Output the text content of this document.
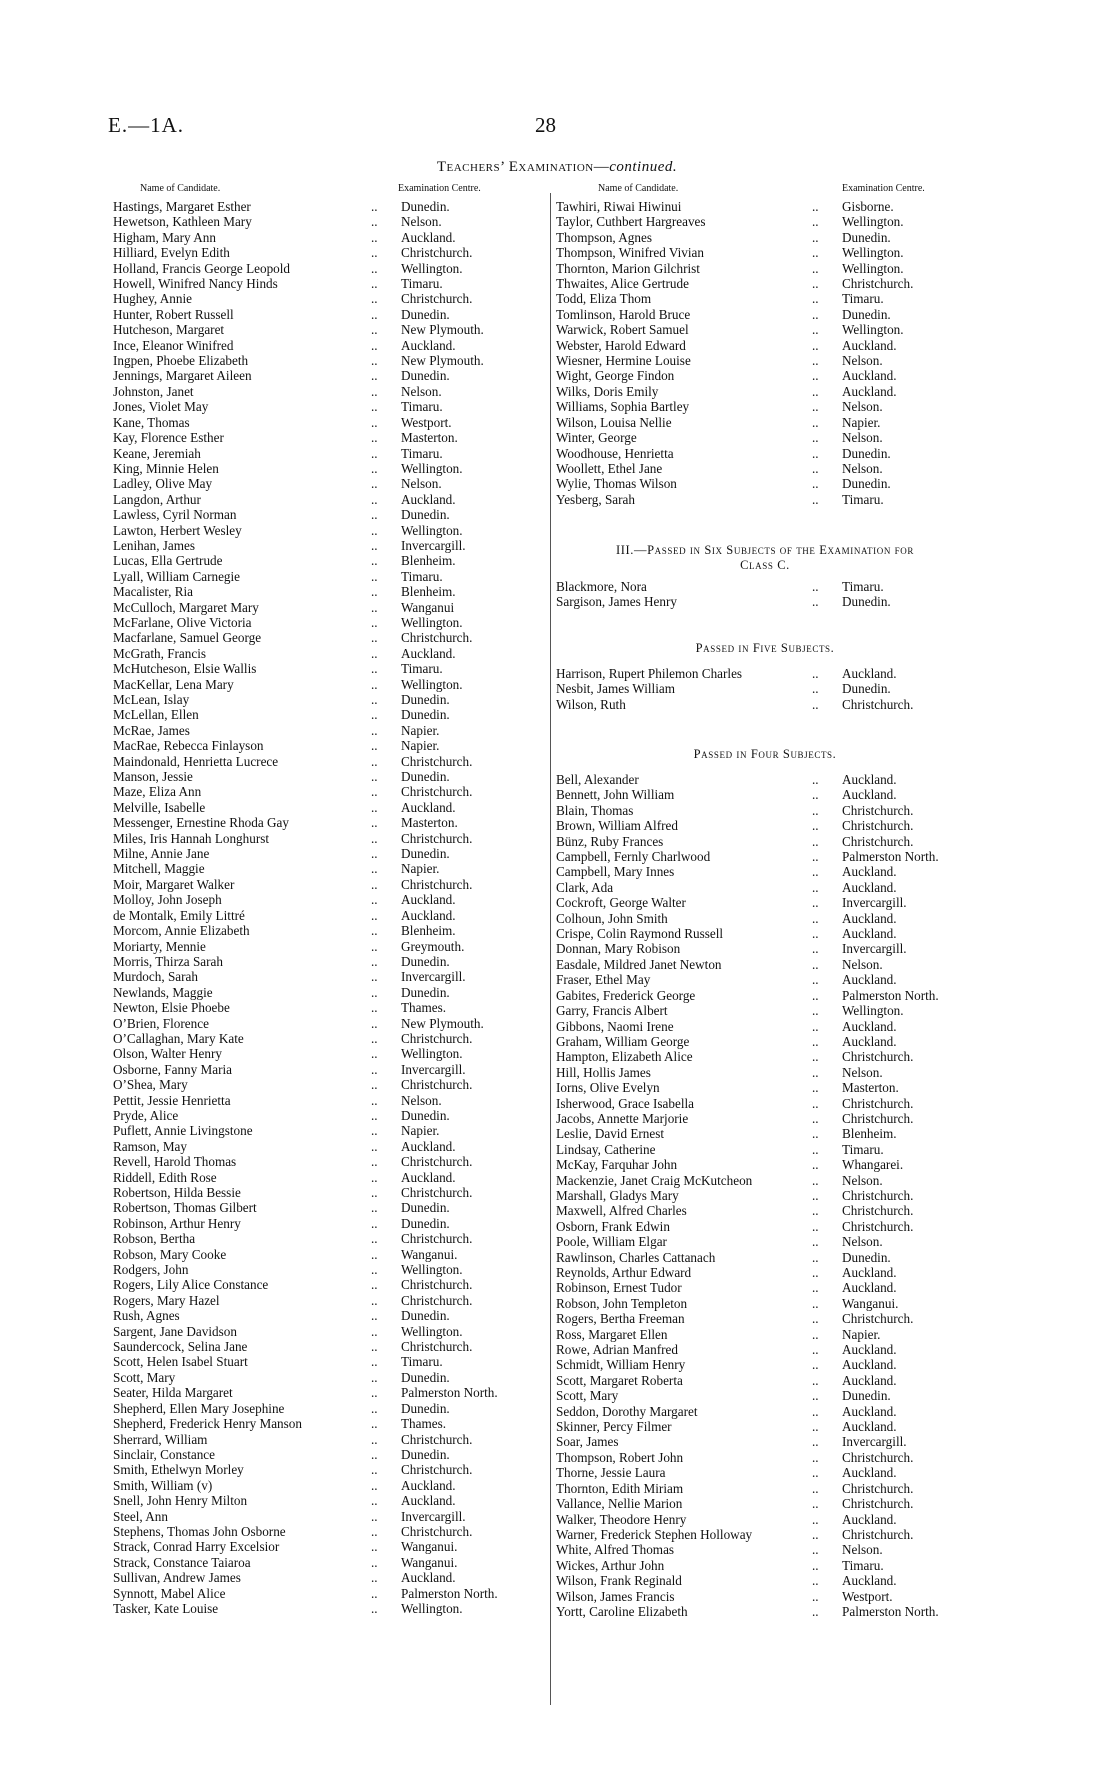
E.—1A.	28
Teachers’ Examination—continued.
Name of Candidate.	Examination Centre.	Name of Candidate.	Examination Centre.
Hastings, Margaret Esther	.. Dunedin.
Hewetson, Kathleen Mary	.. Nelson.
Higham, Mary Ann	.. Auckland.
Hilliard, Evelyn Edith	.. Christchurch.
Holland, Francis George Leopold	.. Wellington.
Howell, Winifred Nancy Hinds	.. Timaru.
Hughey, Annie	.. Christchurch.
Hunter, Robert Russell	.. Dunedin.
Hutcheson, Margaret	.. New Plymouth.
Ince, Eleanor Winifred	.. Auckland.
Ingpen, Phoebe Elizabeth	.. New Plymouth.
Jennings, Margaret Aileen	.. Dunedin.
Johnston, Janet	.. Nelson.
Jones, Violet May	.. Timaru.
Kane, Thomas	.. Westport.
Kay, Florence Esther	.. Masterton.
Keane, Jeremiah	.. Timaru.
King, Minnie Helen	.. Wellington.
Ladley, Olive May	.. Nelson.
Langdon, Arthur	.. Auckland.
Lawless, Cyril Norman	.. Dunedin.
Lawton, Herbert Wesley	.. Wellington.
Lenihan, James	.. Invercargill.
Lucas, Ella Gertrude	.. Blenheim.
Lyall, William Carnegie	.. Timaru.
Macalister, Ria	.. Blenheim.
McCulloch, Margaret Mary	.. Wanganui
McFarlane, Olive Victoria	.. Wellington.
Macfarlane, Samuel George	.. Christchurch.
McGrath, Francis	.. Auckland.
McHutcheson, Elsie Wallis	.. Timaru.
MacKellar, Lena Mary	.. Wellington.
McLean, Islay	.. Dunedin.
McLellan, Ellen	.. Dunedin.
McRae, James	.. Napier.
MacRae, Rebecca Finlayson	.. Napier.
Maindonald, Henrietta Lucrece	.. Christchurch.
Manson, Jessie	.. Dunedin.
Maze, Eliza Ann	.. Christchurch.
Melville, Isabelle	.. Auckland.
Messenger, Ernestine Rhoda Gay	.. Masterton.
Miles, Iris Hannah Longhurst	.. Christchurch.
Milne, Annie Jane	.. Dunedin.
Mitchell, Maggie	.. Napier.
Moir, Margaret Walker	.. Christchurch.
Molloy, John Joseph	.. Auckland.
de Montalk, Emily Littré	.. Auckland.
Morcom, Annie Elizabeth	.. Blenheim.
Moriarty, Mennie	.. Greymouth.
Morris, Thirza Sarah	.. Dunedin.
Murdoch, Sarah	.. Invercargill.
Newlands, Maggie	.. Dunedin.
Newton, Elsie Phoebe	.. Thames.
O’Brien, Florence	.. New Plymouth.
O’Callaghan, Mary Kate	.. Christchurch.
Olson, Walter Henry	.. Wellington.
Osborne, Fanny Maria	.. Invercargill.
O’Shea, Mary	.. Christchurch.
Pettit, Jessie Henrietta	.. Nelson.
Pryde, Alice	.. Dunedin.
Puflett, Annie Livingstone	.. Napier.
Ramson, May	.. Auckland.
Revell, Harold Thomas	.. Christchurch.
Riddell, Edith Rose	.. Auckland.
Robertson, Hilda Bessie	.. Christchurch.
Robertson, Thomas Gilbert	.. Dunedin.
Robinson, Arthur Henry	.. Dunedin.
Robson, Bertha	.. Christchurch.
Robson, Mary Cooke	.. Wanganui.
Rodgers, John	.. Wellington.
Rogers, Lily Alice Constance	.. Christchurch.
Rogers, Mary Hazel	.. Christchurch.
Rush, Agnes	.. Dunedin.
Sargent, Jane Davidson	.. Wellington.
Saundercock, Selina Jane	.. Christchurch.
Scott, Helen Isabel Stuart	.. Timaru.
Scott, Mary	.. Dunedin.
Seater, Hilda Margaret	.. Palmerston North.
Shepherd, Ellen Mary Josephine	.. Dunedin.
Shepherd, Frederick Henry Manson	.. Thames.
Sherrard, William	.. Christchurch.
Sinclair, Constance	.. Dunedin.
Smith, Ethelwyn Morley	.. Christchurch.
Smith, William (v)	.. Auckland.
Snell, John Henry Milton	.. Auckland.
Steel, Ann	.. Invercargill.
Stephens, Thomas John Osborne	.. Christchurch.
Strack, Conrad Harry Excelsior	.. Wanganui.
Strack, Constance Taiaroa	.. Wanganui.
Sullivan, Andrew James	.. Auckland.
Synnott, Mabel Alice	.. Palmerston North.
Tasker, Kate Louise	.. Wellington.
Tawhiri, Riwai Hiwinui	.. Gisborne.
Taylor, Cuthbert Hargreaves	.. Wellington.
Thompson, Agnes	.. Dunedin.
Thompson, Winifred Vivian	.. Wellington.
Thornton, Marion Gilchrist	.. Wellington.
Thwaites, Alice Gertrude	.. Christchurch.
Todd, Eliza Thom	.. Timaru.
Tomlinson, Harold Bruce	.. Dunedin.
Warwick, Robert Samuel	.. Wellington.
Webster, Harold Edward	.. Auckland.
Wiesner, Hermine Louise	.. Nelson.
Wight, George Findon	.. Auckland.
Wilks, Doris Emily	.. Auckland.
Williams, Sophia Bartley	.. Nelson.
Wilson, Louisa Nellie	.. Napier.
Winter, George	.. Nelson.
Woodhouse, Henrietta	.. Dunedin.
Woollett, Ethel Jane	.. Nelson.
Wylie, Thomas Wilson	.. Dunedin.
Yesberg, Sarah	.. Timaru.
III.—Passed in Six Subjects of the Examination for
Class C.
Blackmore, Nora	.. Timaru.
Sargison, James Henry	.. Dunedin.
Passed in Five Subjects.
Harrison, Rupert Philemon Charles	.. Auckland.
Nesbit, James William	.. Dunedin.
Wilson, Ruth	.. Christchurch.
Passed in Four Subjects.
Bell, Alexander	.. Auckland.
Bennett, John William	.. Auckland.
Blain, Thomas	.. Christchurch.
Brown, William Alfred	.. Christchurch.
Bünz, Ruby Frances	.. Christchurch.
Campbell, Fernly Charlwood	.. Palmerston North.
Campbell, Mary Innes	.. Auckland.
Clark, Ada	.. Auckland.
Cockroft, George Walter	.. Invercargill.
Colhoun, John Smith	.. Auckland.
Crispe, Colin Raymond Russell	.. Auckland.
Donnan, Mary Robison	.. Invercargill.
Easdale, Mildred Janet Newton	.. Nelson.
Fraser, Ethel May	.. Auckland.
Gabites, Frederick George	.. Palmerston North.
Garry, Francis Albert	.. Wellington.
Gibbons, Naomi Irene	.. Auckland.
Graham, William George	.. Auckland.
Hampton, Elizabeth Alice	.. Christchurch.
Hill, Hollis James	.. Nelson.
Iorns, Olive Evelyn	.. Masterton.
Isherwood, Grace Isabella	.. Christchurch.
Jacobs, Annette Marjorie	.. Christchurch.
Leslie, David Ernest	.. Blenheim.
Lindsay, Catherine	.. Timaru.
McKay, Farquhar John	.. Whangarei.
Mackenzie, Janet Craig McKutcheon	.. Nelson.
Marshall, Gladys Mary	.. Christchurch.
Maxwell, Alfred Charles	.. Christchurch.
Osborn, Frank Edwin	.. Christchurch.
Poole, William Elgar	.. Nelson.
Rawlinson, Charles Cattanach	.. Dunedin.
Reynolds, Arthur Edward	.. Auckland.
Robinson, Ernest Tudor	.. Auckland.
Robson, John Templeton	.. Wanganui.
Rogers, Bertha Freeman	.. Christchurch.
Ross, Margaret Ellen	.. Napier.
Rowe, Adrian Manfred	.. Auckland.
Schmidt, William Henry	.. Auckland.
Scott, Margaret Roberta	.. Auckland.
Scott, Mary	.. Dunedin.
Seddon, Dorothy Margaret	.. Auckland.
Skinner, Percy Filmer	.. Auckland.
Soar, James	.. Invercargill.
Thompson, Robert John	.. Christchurch.
Thorne, Jessie Laura	.. Auckland.
Thornton, Edith Miriam	.. Christchurch.
Vallance, Nellie Marion	.. Christchurch.
Walker, Theodore Henry	.. Auckland.
Warner, Frederick Stephen Holloway	.. Christchurch.
White, Alfred Thomas	.. Nelson.
Wickes, Arthur John	.. Timaru.
Wilson, Frank Reginald	.. Auckland.
Wilson, James Francis	.. Westport.
Yortt, Caroline Elizabeth	.. Palmerston North.
